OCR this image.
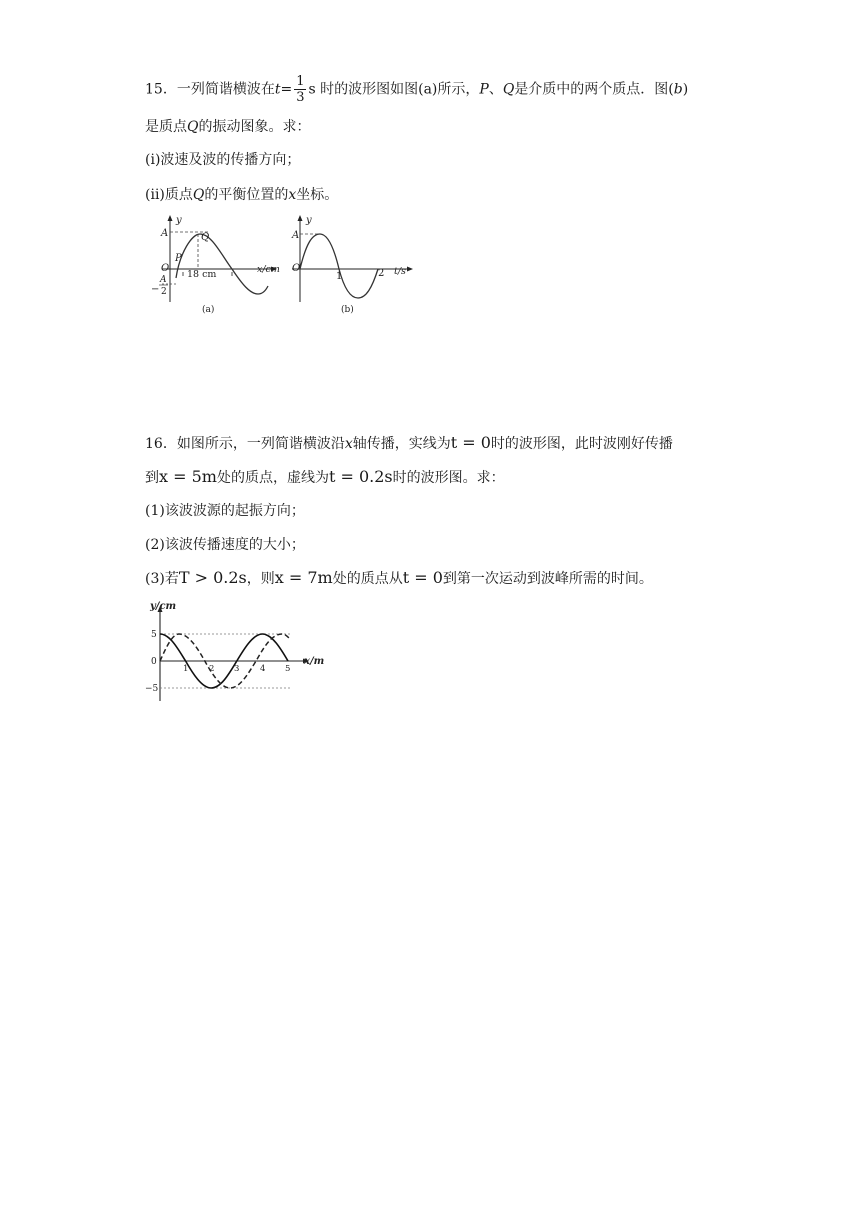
15．一列简谐横波在$t= \frac{1}{3}$ s 时的波形图如图(a)所示，P、Q是介质中的两个质点．图(b)
是质点Q的振动图象。求：
(ⅰ)波速及波的传播方向；
(ⅱ)质点Q的平衡位置的x坐标。
y
A	Q
P
O
−
A
2
18 cm	x/cm
(a)
y
A
O
1	2 t/s
(b)
16．如图所示，一列简谐横波沿x轴传播，实线为t = 0时的波形图，此时波刚好传播
到x = 5m处的质点，虚线为t = 0.2s时的波形图。求：
(1)该波波源的起振方向；
(2)该波传播速度的大小；
(3)若T > 0.2s，则x = 7m处的质点从t = 0到第一次运动到波峰所需的时间。
y/cm
5
0
−5
1 2 3 4 5
x/m
